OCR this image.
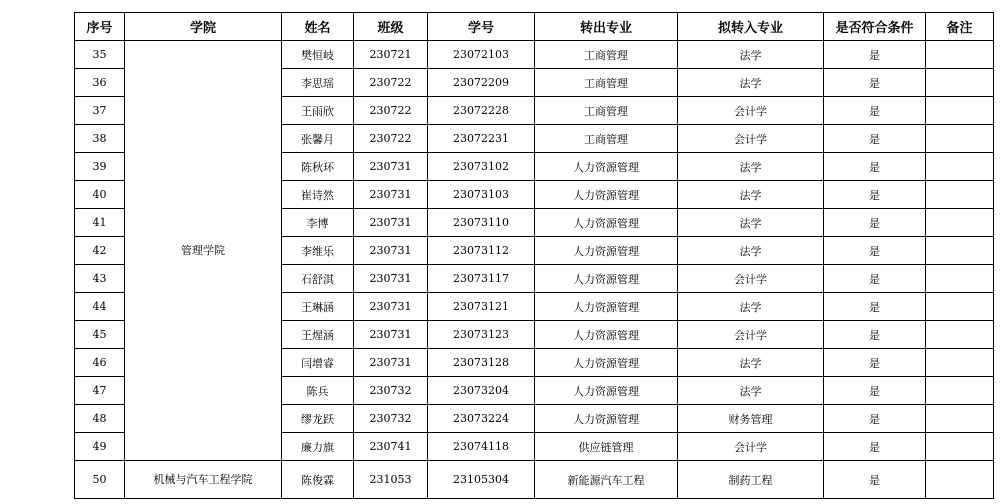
序号	学院	姓名	班级	学号	转出专业	拟转入专业	是否符合条件	备注
35	管理学院	樊恒岐	230721	23072103	工商管理	法学	是	
36		李思瑶	230722	23072209	工商管理	法学	是	
37		王雨欣	230722	23072228	工商管理	会计学	是	
38		张馨月	230722	23072231	工商管理	会计学	是	
39		陈秋环	230731	23073102	人力资源管理	法学	是	
40		崔诗然	230731	23073103	人力资源管理	法学	是	
41		李博	230731	23073110	人力资源管理	法学	是	
42		李维乐	230731	23073112	人力资源管理	法学	是	
43		石舒淇	230731	23073117	人力资源管理	会计学	是	
44		王琳涵	230731	23073121	人力资源管理	法学	是	
45		王煋涵	230731	23073123	人力资源管理	会计学	是	
46		闫增睿	230731	23073128	人力资源管理	法学	是	
47		陈兵	230732	23073204	人力资源管理	法学	是	
48		缪龙跃	230732	23073224	人力资源管理	财务管理	是	
49		廉力旗	230741	23074118	供应链管理	会计学	是	
50	机械与汽车工程学院	陈俊霖	231053	23105304	新能源汽车工程	制药工程	是	
